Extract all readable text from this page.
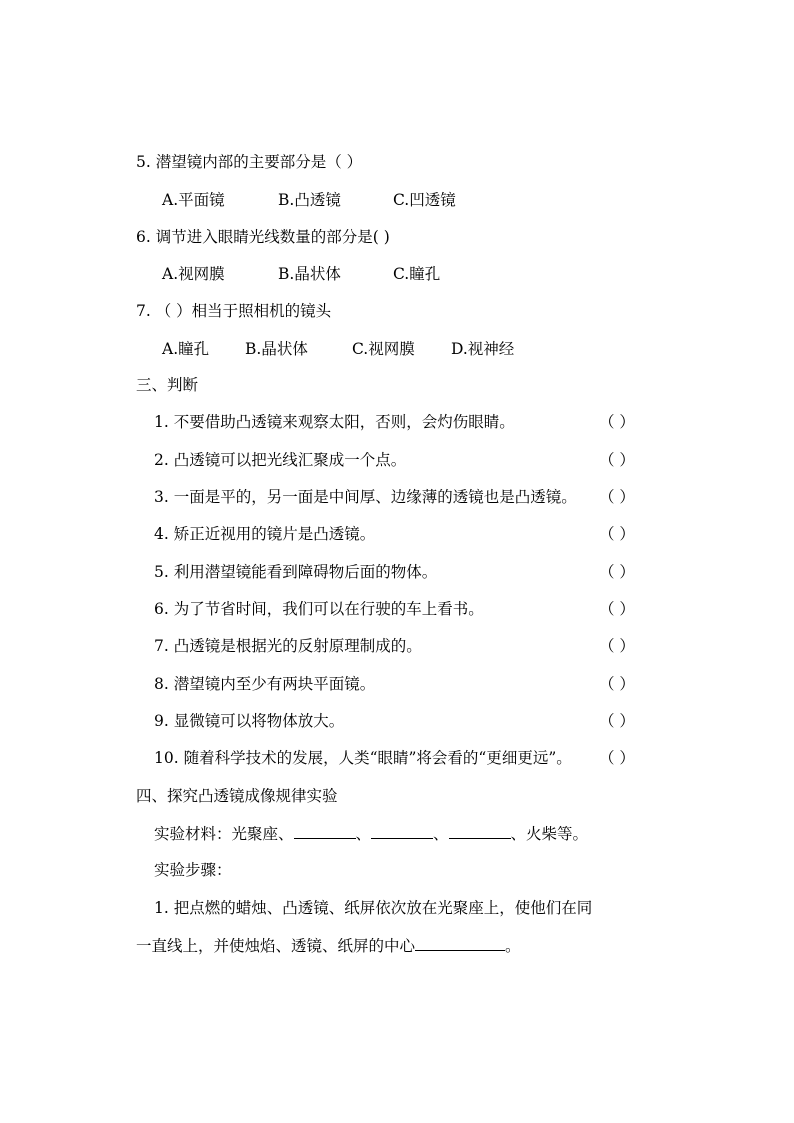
5. 潜望镜内部的主要部分是（ ）
A.平面镜	B.凸透镜	C.凹透镜
6. 调节进入眼睛光线数量的部分是( )
A.视网膜	B.晶状体	C.瞳孔
7. （ ）相当于照相机的镜头
A.瞳孔 B.晶状体	C.视网膜 D.视神经
三、判断
1. 不要借助凸透镜来观察太阳，否则，会灼伤眼睛。	（ ）
2. 凸透镜可以把光线汇聚成一个点。	（ ）
3. 一面是平的，另一面是中间厚、边缘薄的透镜也是凸透镜。 （ ）
4. 矫正近视用的镜片是凸透镜。	（ ）
5. 利用潜望镜能看到障碍物后面的物体。	（ ）
6. 为了节省时间，我们可以在行驶的车上看书。	（ ）
7. 凸透镜是根据光的反射原理制成的。	（ ）
8. 潜望镜内至少有两块平面镜。	（ ）
9. 显微镜可以将物体放大。	（ ）
10. 随着科学技术的发展，人类“眼睛”将会看的“更细更远”。 （ ）
四、探究凸透镜成像规律实验
实验材料：光聚座、	、	、	、火柴等。
实验步骤：
1. 把点燃的蜡烛、凸透镜、纸屏依次放在光聚座上，使他们在同
一直线上，并使烛焰、透镜、纸屏的中心	。
